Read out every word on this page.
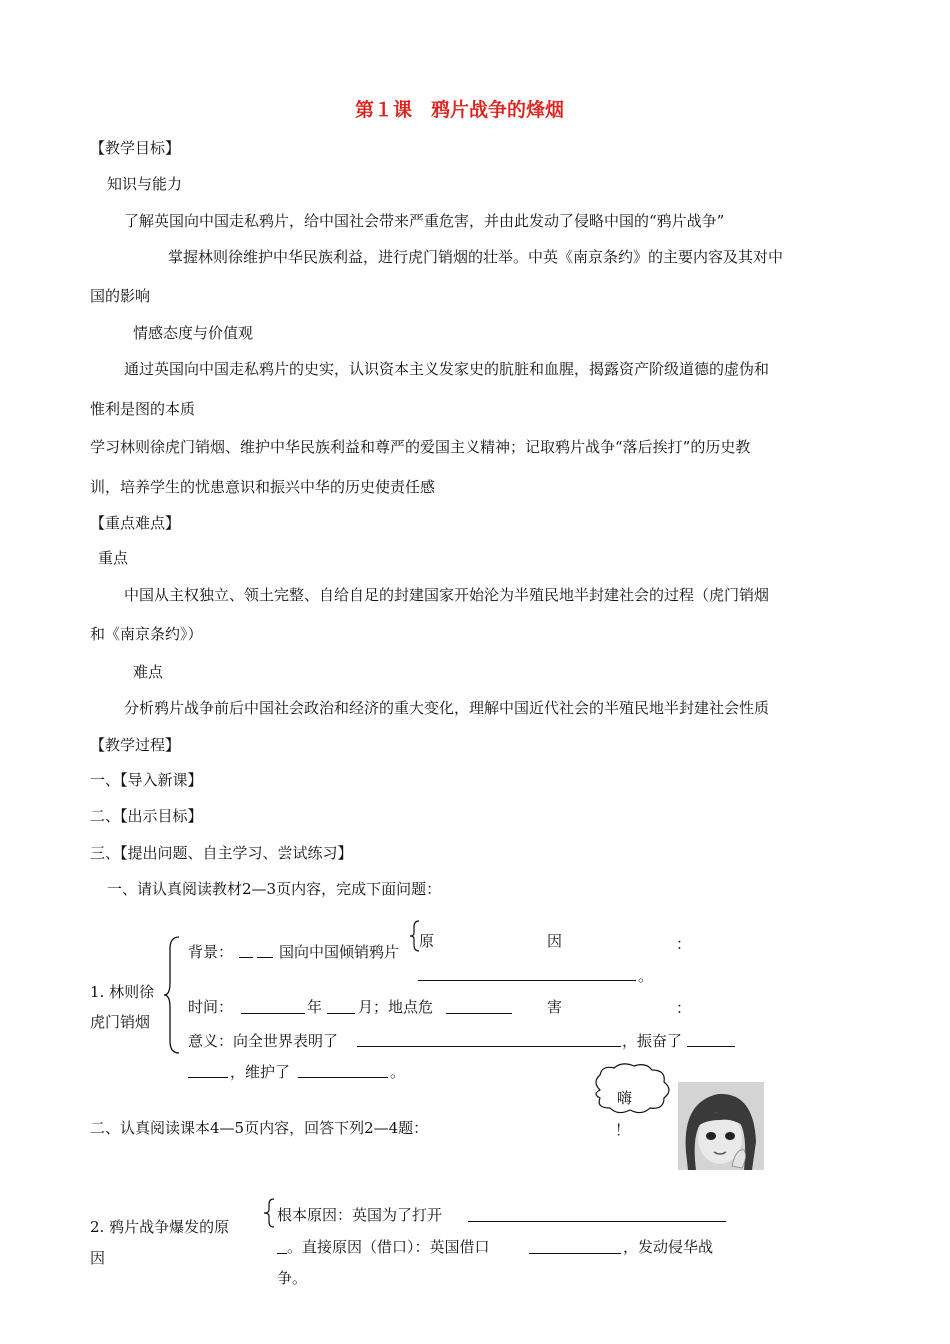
第１课　鸦片战争的烽烟
【教学目标】
知识与能力
了解英国向中国走私鸦片，给中国社会带来严重危害，并由此发动了侵略中国的“鸦片战争”
掌握林则徐维护中华民族利益，进行虎门销烟的壮举。中英《南京条约》的主要内容及其对中
国的影响
情感态度与价值观
通过英国向中国走私鸦片的史实，认识资本主义发家史的肮脏和血腥，揭露资产阶级道德的虚伪和
惟利是图的本质
学习林则徐虎门销烟、维护中华民族利益和尊严的爱国主义精神；记取鸦片战争“落后挨打”的历史教
训，培养学生的忧患意识和振兴中华的历史使责任感
【重点难点】
重点
中国从主权独立、领土完整、自给自足的封建国家开始沦为半殖民地半封建社会的过程（虎门销烟
和《南京条约》）
难点
分析鸦片战争前后中国社会政治和经济的重大变化，理解中国近代社会的半殖民地半封建社会性质
【教学过程】
一、【导入新课】
二、【出示目标】
三、【提出问题、自主学习、尝试练习】
一、请认真阅读教材2—3页内容，完成下面问题：
1. 林则徐
虎门销烟
背景：	国向中国倾销鸦片
原	因	：
。
时间：	年 月；地点 危	害	：
意义：向全世界表明了	，振奋了
，维护了	。
嗨
！
二、认真阅读课本4—5页内容，回答下列2—4题：
2. 鸦片战争爆发的原
因
根本原因：英国为了打开
。直接原因（借口）：英国借口	，发动侵华战
争。
